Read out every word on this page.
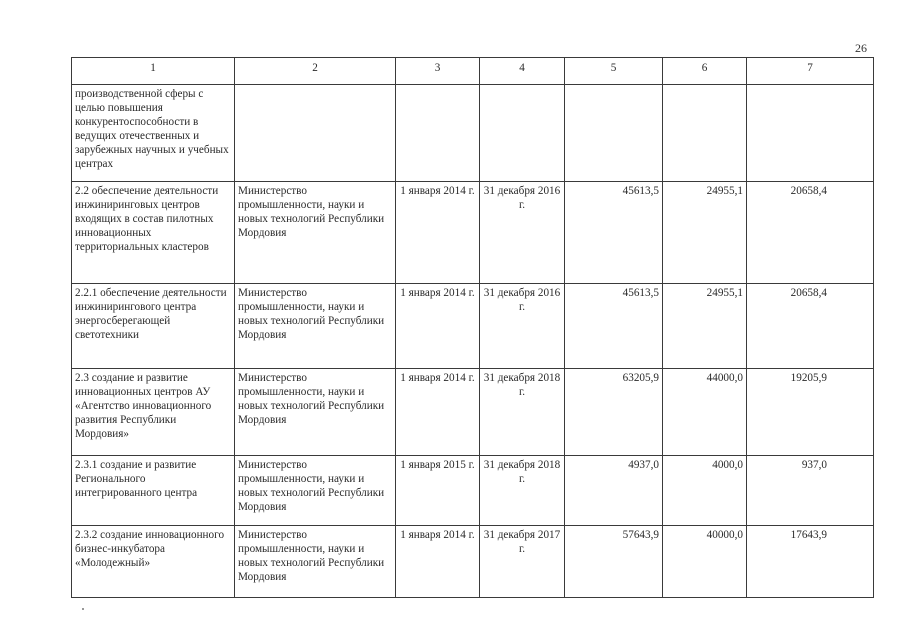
26
1	2	3	4	5	6	7
производственной сферы с целью повышения конкурентоспособности в ведущих отечественных и зарубежных научных и учебных центрах						
2.2 обеспечение деятельности инжиниринговых центров входящих в состав пилотных инновационных территориальных кластеров	Министерство промышленности, науки и новых технологий Республики Мордовия	1 января 2014 г.	31 декабря 2016 г.	45613,5	24955,1	20658,4
2.2.1 обеспечение деятельности инжинирингового центра энергосберегающей светотехники	Министерство промышленности, науки и новых технологий Республики Мордовия	1 января 2014 г.	31 декабря 2016 г.	45613,5	24955,1	20658,4
2.3 создание и развитие инновационных центров АУ «Агентство инновационного развития Республики Мордовия»	Министерство промышленности, науки и новых технологий Республики Мордовия	1 января 2014 г.	31 декабря 2018 г.	63205,9	44000,0	19205,9
2.3.1 создание и развитие Регионального интегрированного центра	Министерство промышленности, науки и новых технологий Республики Мордовия	1 января 2015 г.	31 декабря 2018 г.	4937,0	4000,0	937,0
2.3.2 создание инновационного бизнес-инкубатора «Молодежный»	Министерство промышленности, науки и новых технологий Республики Мордовия	1 января 2014 г.	31 декабря 2017 г.	57643,9	40000,0	17643,9
